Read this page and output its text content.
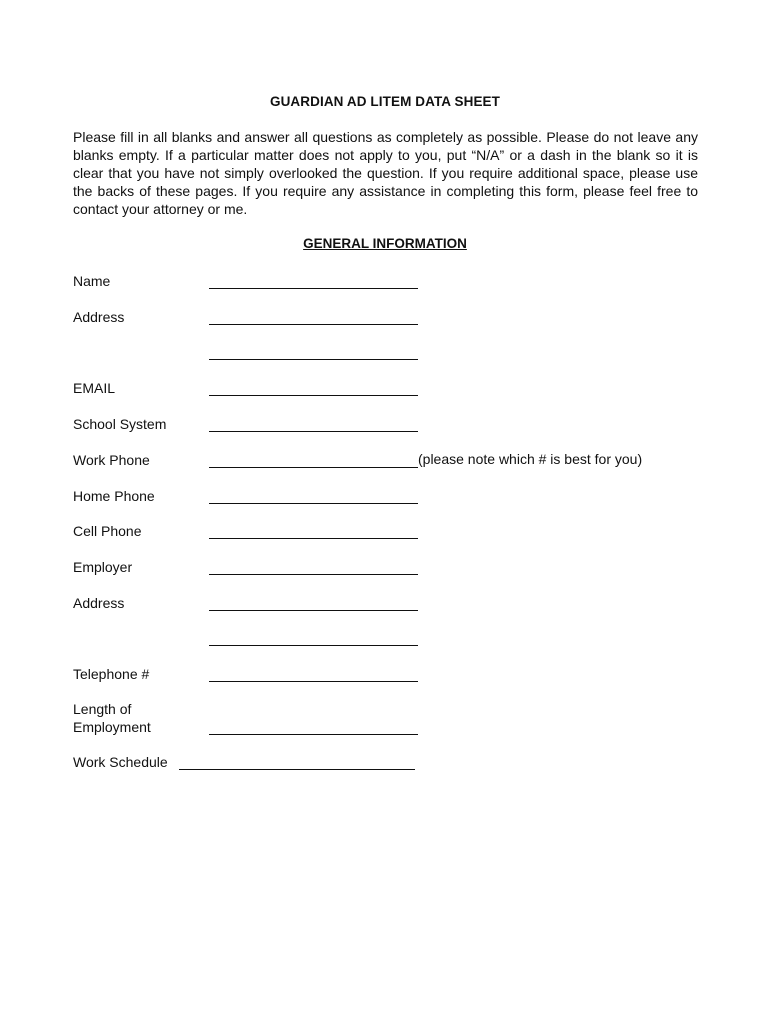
GUARDIAN AD LITEM DATA SHEET

Please fill in all blanks and answer all questions as completely as possible. Please do not leave any blanks empty. If a particular matter does not apply to you, put “N/A” or a dash in the blank so it is clear that you have not simply overlooked the question. If you require additional space, please use the backs of these pages. If you require any assistance in completing this form, please feel free to contact your attorney or me.

GENERAL INFORMATION
Name
Address
EMAIL
School System
Work Phone	(please note which # is best for you)
Home Phone
Cell Phone
Employer
Address
Telephone #
Length of
Employment
Work Schedule
